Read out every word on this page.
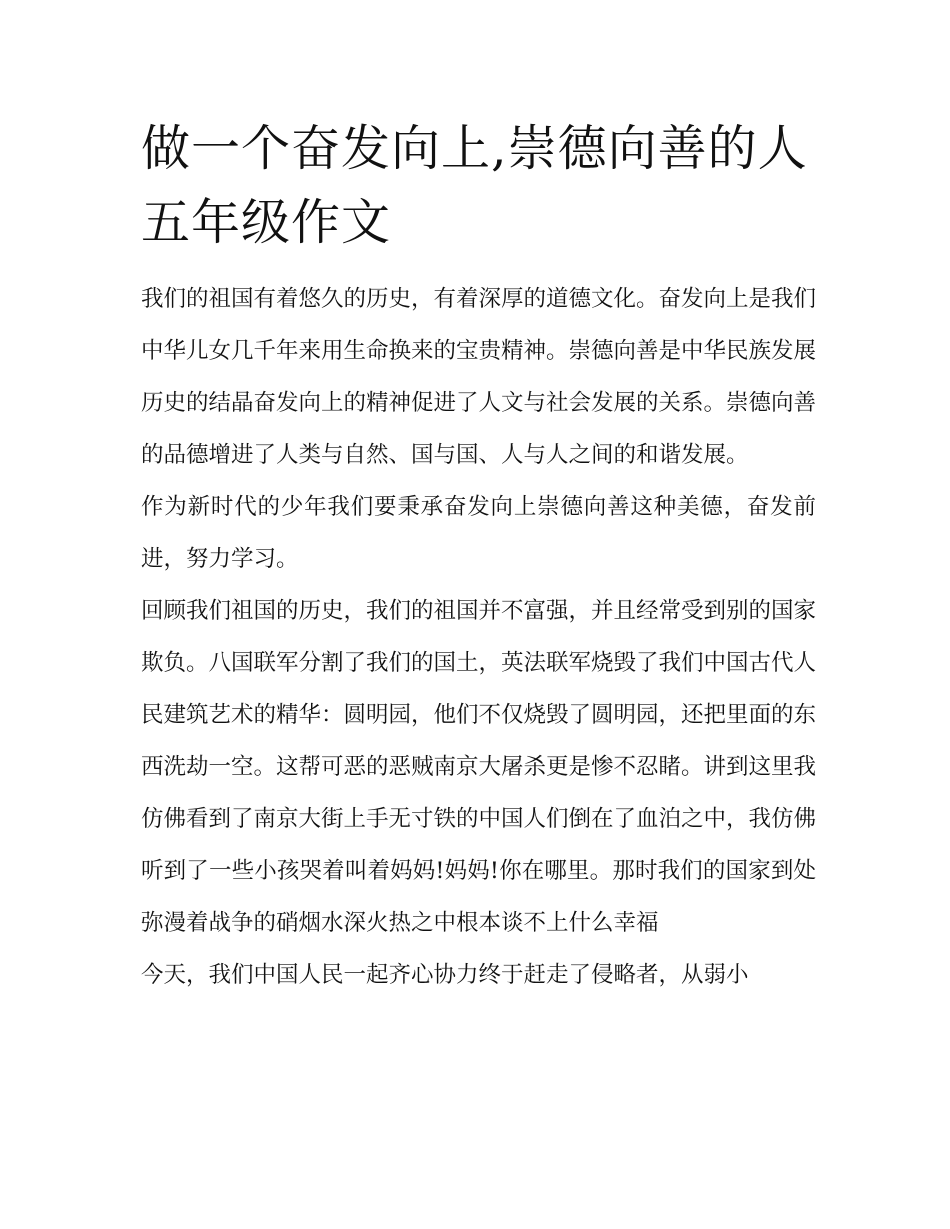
做一个奋发向上,崇德向善的人
五年级作文

我们的祖国有着悠久的历史，有着深厚的道德文化。奋发向上是我们中华儿女几千年来用生命换来的宝贵精神。崇德向善是中华民族发展历史的结晶奋发向上的精神促进了人文与社会发展的关系。崇德向善的品德增进了人类与自然、国与国、人与人之间的和谐发展。

作为新时代的少年我们要秉承奋发向上崇德向善这种美德，奋发前进，努力学习。

回顾我们祖国的历史，我们的祖国并不富强，并且经常受到别的国家欺负。八国联军分割了我们的国土，英法联军烧毁了我们中国古代人民建筑艺术的精华：圆明园，他们不仅烧毁了圆明园，还把里面的东西洗劫一空。这帮可恶的恶贼南京大屠杀更是惨不忍睹。讲到这里我仿佛看到了南京大街上手无寸铁的中国人们倒在了血泊之中，我仿佛听到了一些小孩哭着叫着妈妈!妈妈!你在哪里。那时我们的国家到处弥漫着战争的硝烟水深火热之中根本谈不上什么幸福

今天，我们中国人民一起齐心协力终于赶走了侵略者，从弱小
